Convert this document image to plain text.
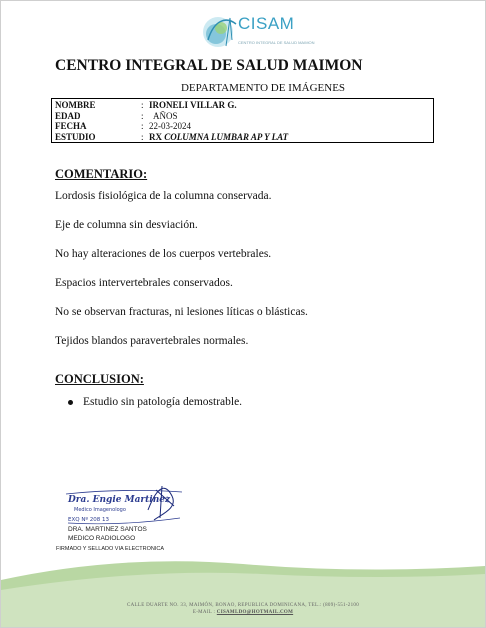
CISAM
CENTRO INTEGRAL DE SALUD MAIMON
CENTRO INTEGRAL DE SALUD MAIMON
DEPARTAMENTO DE IMÁGENES
NOMBRE	: IRONELI VILLAR G.
EDAD	:	AÑOS
FECHA	: 22-03-2024
ESTUDIO	: RX COLUMNA LUMBAR AP Y LAT
COMENTARIO:
Lordosis fisiológica de la columna conservada.
Eje de columna sin desviación.
No hay alteraciones de los cuerpos vertebrales.
Espacios intervertebrales conservados.
No se observan fracturas, ni lesiones líticas o blásticas.
Tejidos blandos paravertebrales normales.
CONCLUSION:
Estudio sin patología demostrable.
Dra. Engie Martinez
Medico Imagenologo
EXQ Nº 208 13
DRA. MARTINEZ SANTOS
MEDICO RADIOLOGO
FIRMADO Y SELLADO VIA ELECTRONICA
CALLE DUARTE NO. 33, MAIMÓN, BONAO, REPUBLICA DOMINICANA, TEL.: (809)-551-2100
E-MAIL : CISAMLDO@HOTMAIL.COM
